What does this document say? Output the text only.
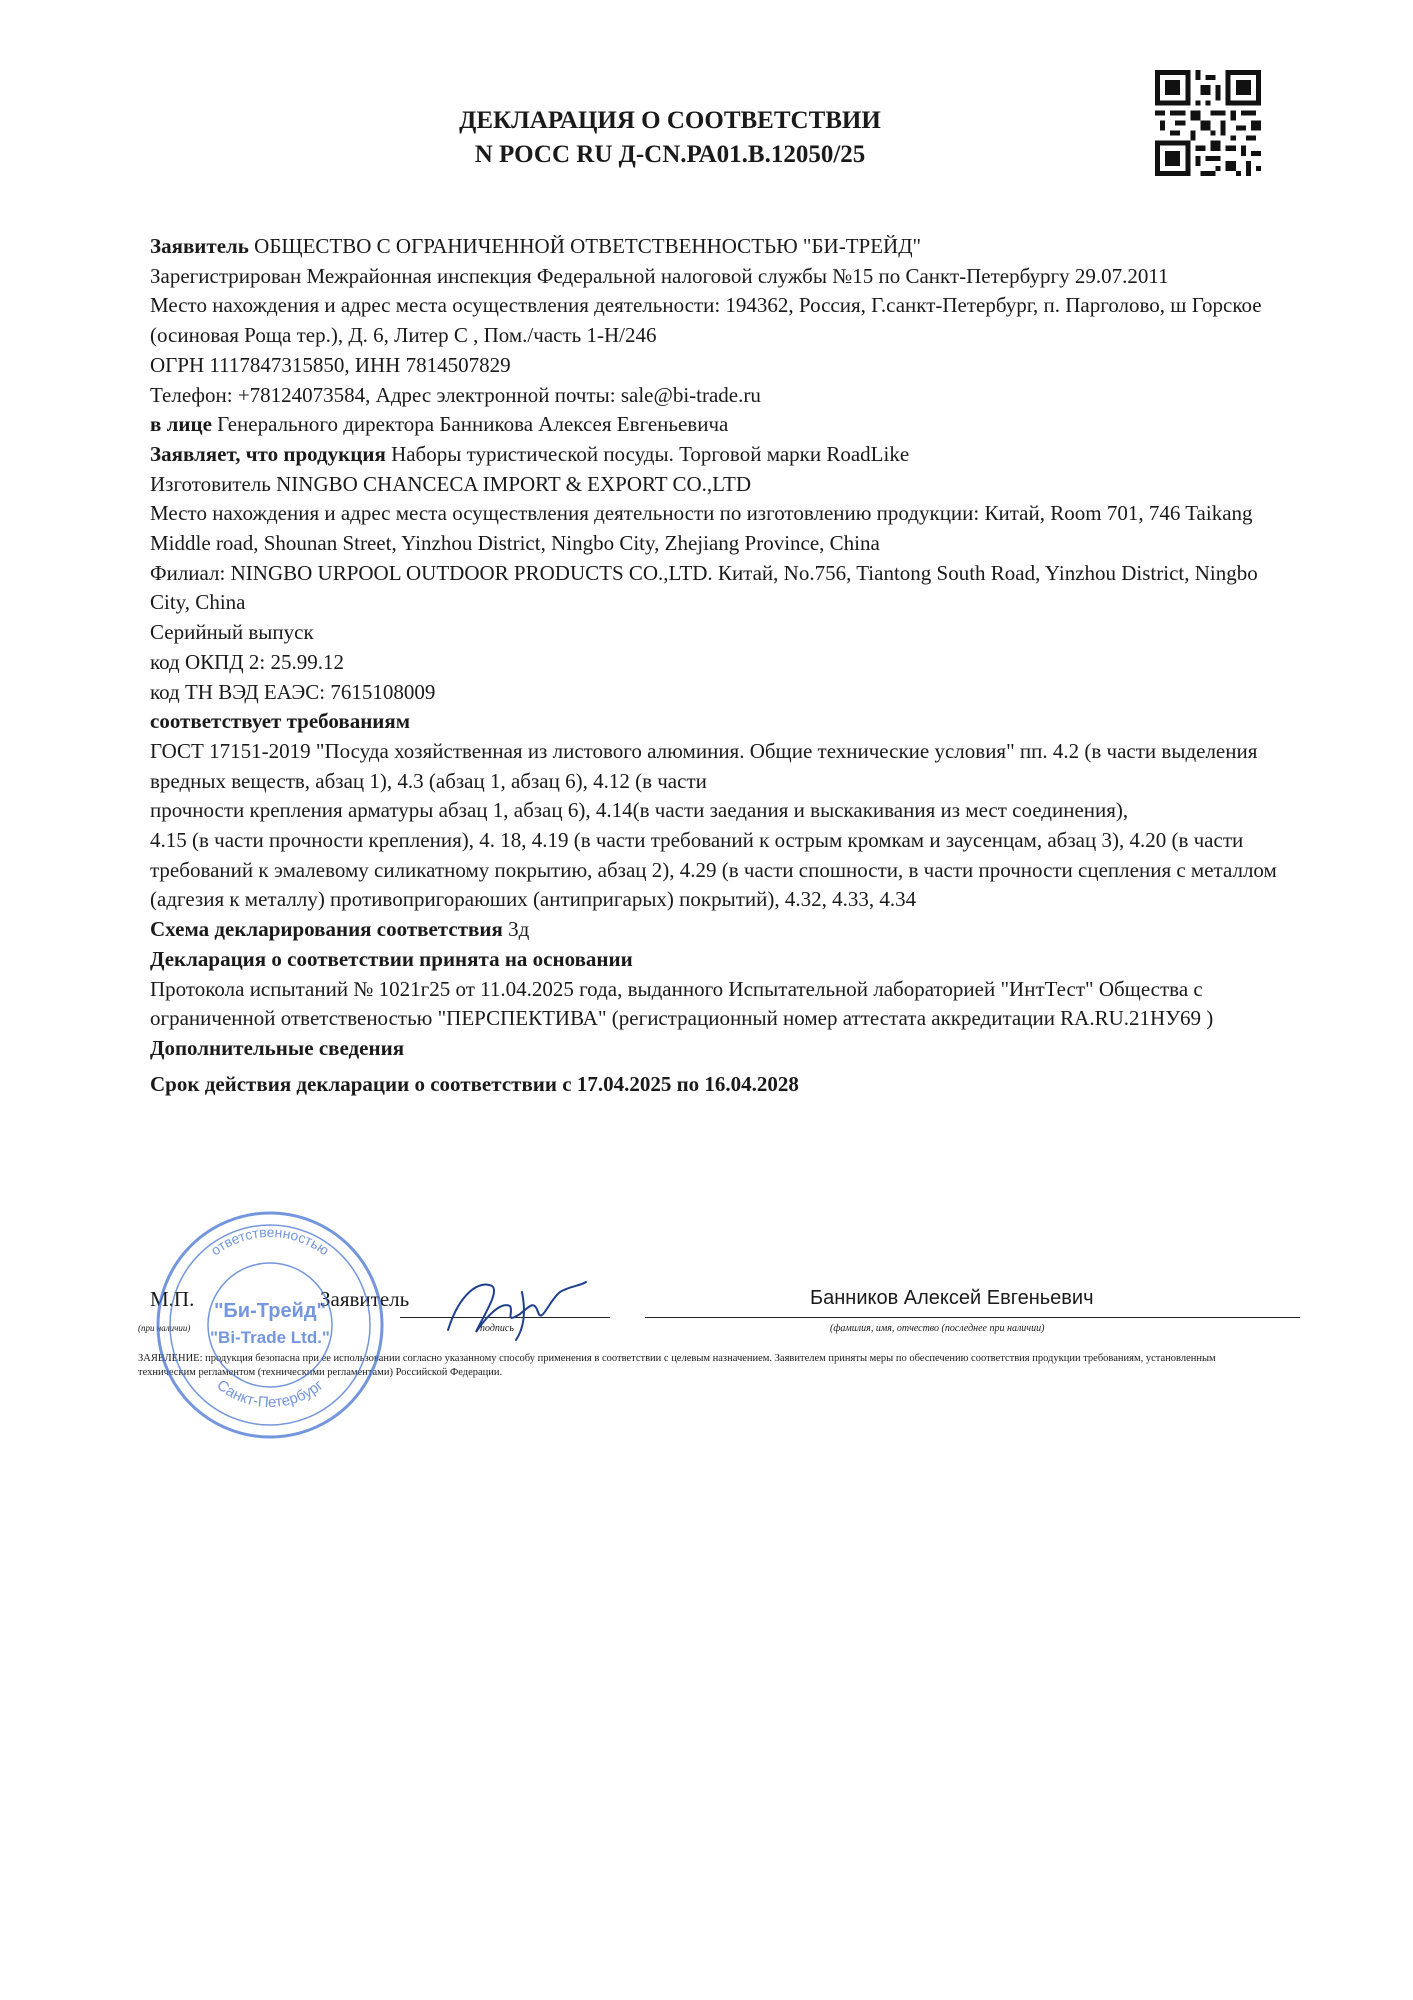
ДЕКЛАРАЦИЯ О СООТВЕТСТВИИ
N РОСС RU Д-CN.РА01.В.12050/25

Заявитель ОБЩЕСТВО С ОГРАНИЧЕННОЙ ОТВЕТСТВЕННОСТЬЮ "БИ-ТРЕЙД"

Зарегистрирован Межрайонная инспекция Федеральной налоговой службы №15 по Санкт-Петербургу 29.07.2011

Место нахождения и адрес места осуществления деятельности: 194362, Россия, Г.санкт-Петербург, п. Парголово, ш Горское (осиновая Роща тер.), Д. 6, Литер С , Пом./часть 1-Н/246

ОГРН 1117847315850, ИНН 7814507829

Телефон: +78124073584, Адрес электронной почты: sale@bi-trade.ru

в лице Генерального директора Банникова Алексея Евгеньевича

Заявляет, что продукция Наборы туристической посуды. Торговой марки RoadLike

Изготовитель NINGBO CHANCECA IMPORT & EXPORT CO.,LTD

Место нахождения и адрес места осуществления деятельности по изготовлению продукции: Китай, Room 701, 746 Taikang Middle road, Shounan Street, Yinzhou District, Ningbo City, Zhejiang Province, China

Филиал: NINGBO URPOOL OUTDOOR PRODUCTS CO.,LTD. Китай, No.756, Tiantong South Road, Yinzhou District, Ningbo City, China

Серийный выпуск

код ОКПД 2: 25.99.12

код ТН ВЭД ЕАЭС: 7615108009

соответствует требованиям

ГОСТ 17151-2019 "Посуда хозяйственная из листового алюминия. Общие технические условия" пп. 4.2 (в части выделения вредных веществ, абзац 1), 4.3 (абзац 1, абзац 6), 4.12 (в части

прочности крепления арматуры абзац 1, абзац 6), 4.14(в части заедания и выскакивания из мест соединения),

4.15 (в части прочности крепления), 4. 18, 4.19 (в части требований к острым кромкам и заусенцам, абзац 3), 4.20 (в части требований к эмалевому силикатному покрытию, абзац 2), 4.29 (в части спошности, в части прочности сцепления с металлом (адгезия к металлу) противопригораюших (антипригарых) покрытий), 4.32, 4.33, 4.34

Схема декларирования соответствия 3д

Декларация о соответствии принята на основании

Протокола испытаний № 1021г25 от 11.04.2025 года, выданного Испытательной лабораторией "ИнтТест" Общества с ограниченной ответственостью "ПЕРСПЕКТИВА" (регистрационный номер аттестата аккредитации RA.RU.21НУ69 )

Дополнительные сведения

Срок действия декларации о соответствии с 17.04.2025 по 16.04.2028

М.П.
(при наличии)
Заявитель
подпись
Банников Алексей Евгеньевич
(фамилия, имя, отчество (последнее при наличии)
ЗАЯВЛЕНИЕ: продукция безопасна при ее использовании согласно указанному способу применения в соответствии с целевым назначением. Заявителем приняты меры по обеспечению соответствия продукции требованиям, установленным техническим регламентом (техническими регламентами) Российской Федерации.
ответственностью
Санкт-Петербург
"Би-Трейд"
"Bi-Trade Ltd."
